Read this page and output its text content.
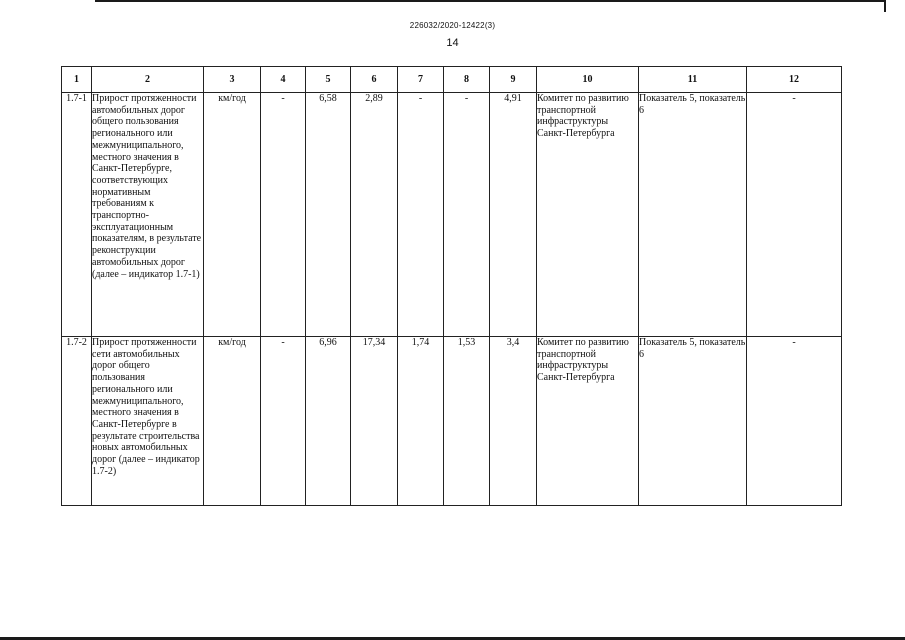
226032/2020-12422(3)
14
1	2	3	4	5	6	7	8	9	10	11	12
1.7-1	Прирост протяженности автомобильных дорог общего пользования регионального или межмуниципального, местного значения в Санкт-Петербурге, соответствующих нормативным требованиям к транспортно-эксплуатационным показателям, в результате реконструкции автомобильных дорог (далее – индикатор 1.7-1)	км/год	-	6,58	2,89	-	-	4,91	Комитет по развитию транспортной инфраструктуры Санкт-Петербурга	Показатель 5, показатель 6	-
1.7-2	Прирост протяженности сети автомобильных дорог общего пользования регионального или межмуниципального, местного значения в Санкт-Петербурге в результате строительства новых автомобильных дорог (далее – индикатор 1.7-2)	км/год	-	6,96	17,34	1,74	1,53	3,4	Комитет по развитию транспортной инфраструктуры Санкт-Петербурга	Показатель 5, показатель 6	-
